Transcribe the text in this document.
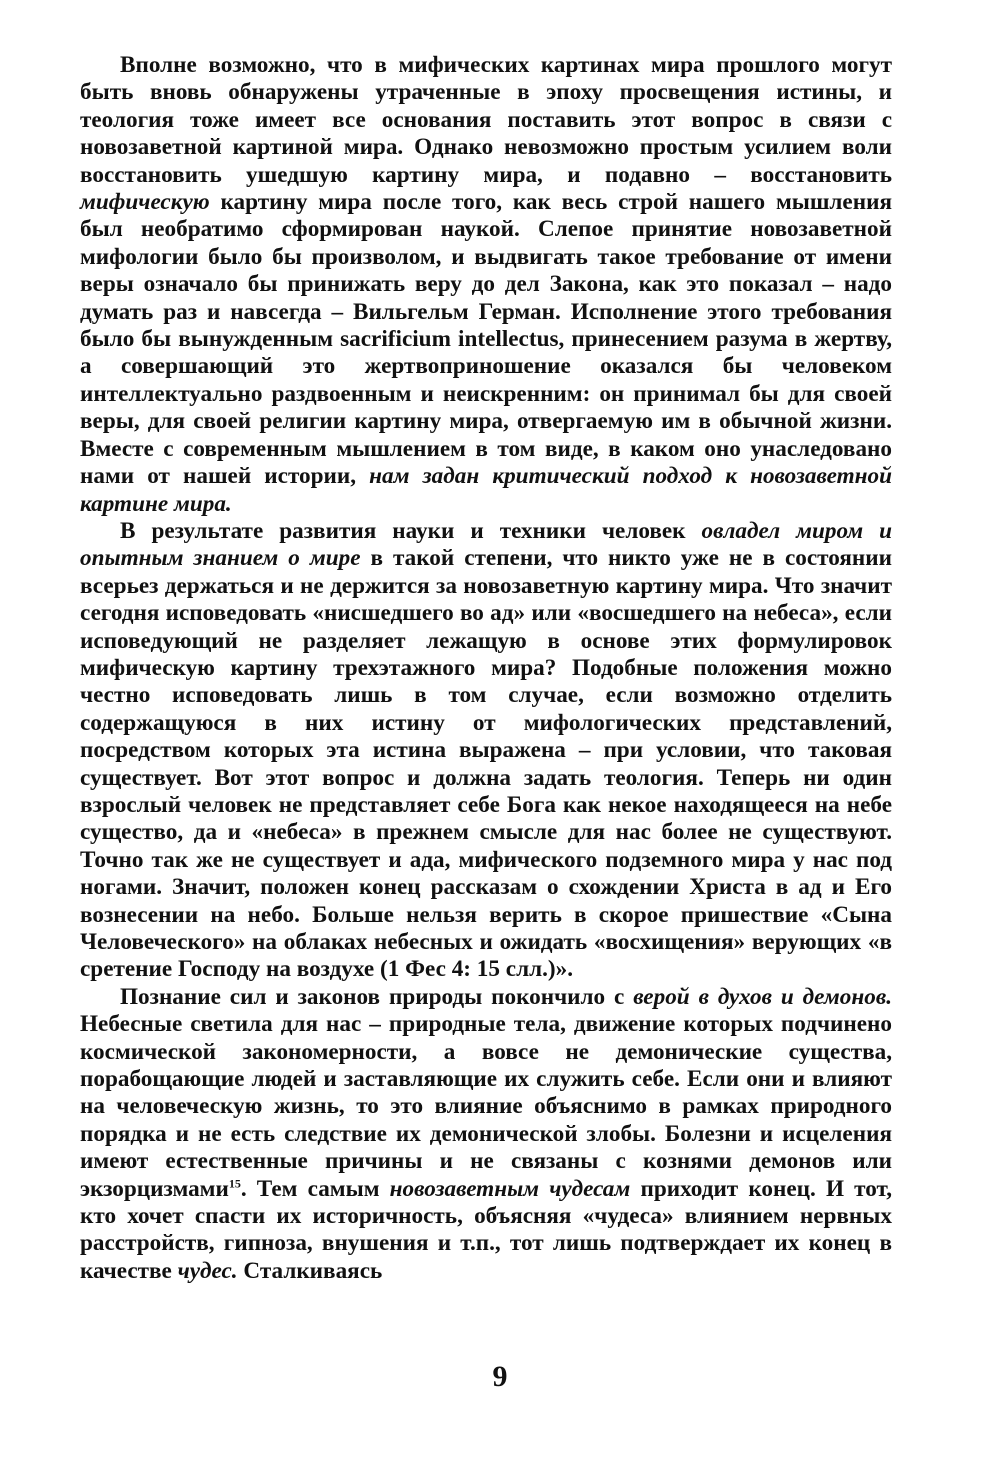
Вполне возможно, что в мифических картинах мира прошлого могут быть вновь обнаружены утраченные в эпоху просвещения истины, и теология тоже имеет все основания поставить этот вопрос в связи с новозаветной картиной мира. Однако невозможно простым усилием воли восстановить ушедшую картину мира, и подавно – восстановить мифическую картину мира после того, как весь строй нашего мышления был необратимо сформирован наукой. Слепое принятие новозаветной мифологии было бы произволом, и выдвигать такое требование от имени веры означало бы принижать веру до дел Закона, как это показал – надо думать раз и навсегда – Вильгельм Герман. Исполнение этого требования было бы вынужденным sacrificium intellectus, принесением разума в жертву, а совершающий это жертвоприношение оказался бы человеком интеллектуально раздвоенным и неискренним: он принимал бы для своей веры, для своей религии картину мира, отвергаемую им в обычной жизни. Вместе с современным мышлением в том виде, в каком оно унаследовано нами от нашей истории, нам задан критический подход к новозаветной картине мира.

В результате развития науки и техники человек овладел миром и опытным знанием о мире в такой степени, что никто уже не в состоянии всерьез держаться и не держится за новозаветную картину мира. Что значит сегодня исповедовать «нисшедшего во ад» или «восшедшего на небеса», если исповедующий не разделяет лежащую в основе этих формулировок мифическую картину трехэтажного мира? Подобные положения можно честно исповедовать лишь в том случае, если возможно отделить содержащуюся в них истину от мифологических представлений, посредством которых эта истина выражена – при условии, что таковая существует. Вот этот вопрос и должна задать теология. Теперь ни один взрослый человек не представляет себе Бога как некое находящееся на небе существо, да и «небеса» в прежнем смысле для нас более не существуют. Точно так же не существует и ада, мифического подземного мира у нас под ногами. Значит, положен конец рассказам о схождении Христа в ад и Его вознесении на небо. Больше нельзя верить в скорое пришествие «Сына Человеческого» на облаках небесных и ожидать «восхищения» верующих «в сретение Господу на воздухе (1 Фес 4: 15 слл.)».

Познание сил и законов природы покончило с верой в духов и демонов. Небесные светила для нас – природные тела, движение которых подчинено космической закономерности, а вовсе не демонические существа, порабощающие людей и заставляющие их служить себе. Если они и влияют на человеческую жизнь, то это влияние объяснимо в рамках природного порядка и не есть следствие их демонической злобы. Болезни и исцеления имеют естественные причины и не связаны с кознями демонов или экзорцизмами$^{15}$. Тем самым новозаветным чудесам приходит конец. И тот, кто хочет спасти их историчность, объясняя «чудеса» влиянием нервных расстройств, гипноза, внушения и т.п., тот лишь подтверждает их конец в качестве чудес. Сталкиваясь

9
